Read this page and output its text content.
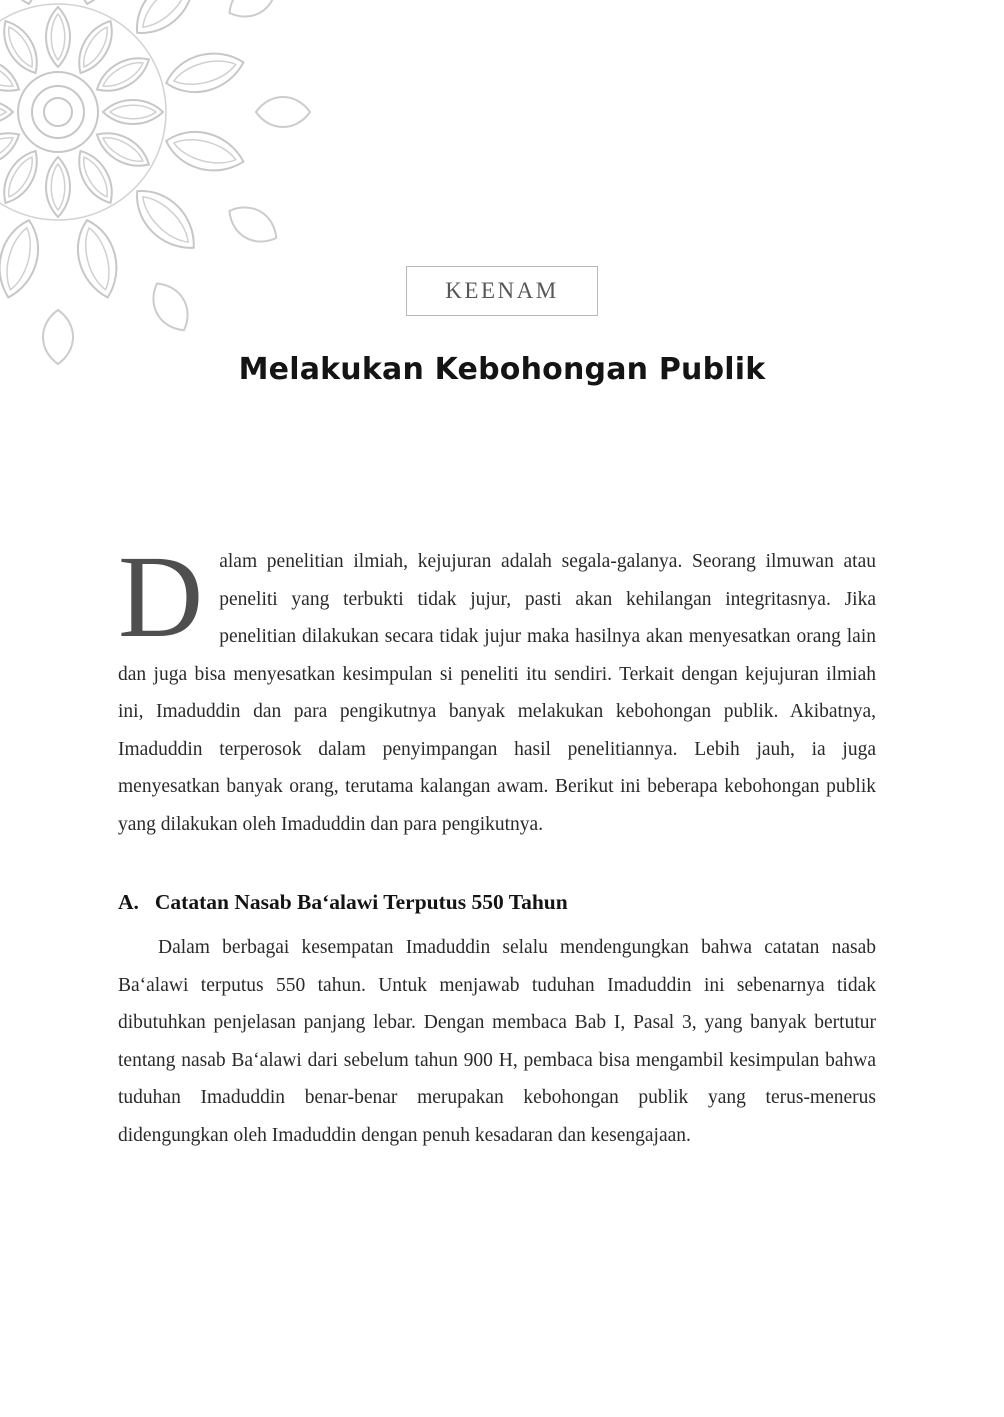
KEENAM
Melakukan Kebohongan Publik

Dalam penelitian ilmiah, kejujuran adalah segala-galanya. Seorang ilmuwan atau peneliti yang terbukti tidak jujur, pasti akan kehilangan integritasnya. Jika penelitian dilakukan secara tidak jujur maka hasilnya akan menyesatkan orang lain dan juga bisa menyesatkan kesimpulan si peneliti itu sendiri. Terkait dengan kejujuran ilmiah ini, Imaduddin dan para pengikutnya banyak melakukan kebohongan publik. Akibatnya, Imaduddin terperosok dalam penyimpangan hasil penelitiannya. Lebih jauh, ia juga menyesatkan banyak orang, terutama kalangan awam. Berikut ini beberapa kebohongan publik yang dilakukan oleh Imaduddin dan para pengikutnya.

A. Catatan Nasab Ba‘alawi Terputus 550 Tahun

Dalam berbagai kesempatan Imaduddin selalu mendengungkan bahwa catatan nasab Ba‘alawi terputus 550 tahun. Untuk menjawab tuduhan Imaduddin ini sebenarnya tidak dibutuhkan penjelasan panjang lebar. Dengan membaca Bab I, Pasal 3, yang banyak bertutur tentang nasab Ba‘alawi dari sebelum tahun 900 H, pembaca bisa mengambil kesimpulan bahwa tuduhan Imaduddin benar-benar merupakan kebohongan publik yang terus-menerus didengungkan oleh Imaduddin dengan penuh kesadaran dan kesengajaan.
